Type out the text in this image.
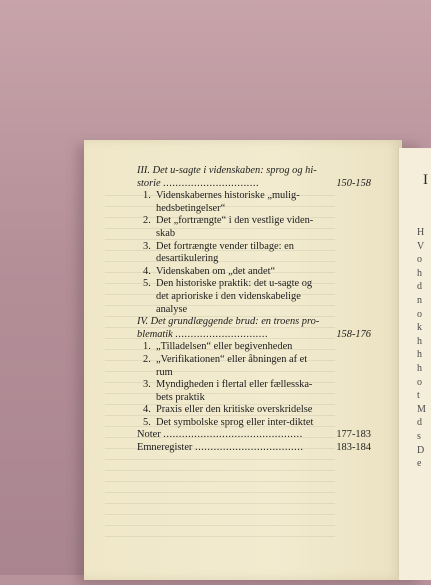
I
H
V
o
h
d
n
o
k
h
h
h
o
t
M
d
s
D
e
III. Det u-sagte i videnskaben: sprog og hi-
storie ...............................	150-158
1. Videnskabernes historiske „mulig-
hedsbetingelser“
2. Det „fortrængte“ i den vestlige viden-
skab
3. Det fortrængte vender tilbage: en
desartikulering
4. Videnskaben om „det andet“
5. Den historiske praktik: det u-sagte og
det aprioriske i den videnskabelige
analyse
IV. Det grundlæggende brud: en troens pro-
blematik ..............................	158-176
1. „Tilladelsen“ eller begivenheden
2. „Verifikationen“ eller åbningen af et
rum
3. Myndigheden i flertal eller fællesska-
bets praktik
4. Praxis eller den kritiske overskridelse
5. Det symbolske sprog eller inter-diktet
Noter .............................................	177-183
Emneregister ...................................	183-184
